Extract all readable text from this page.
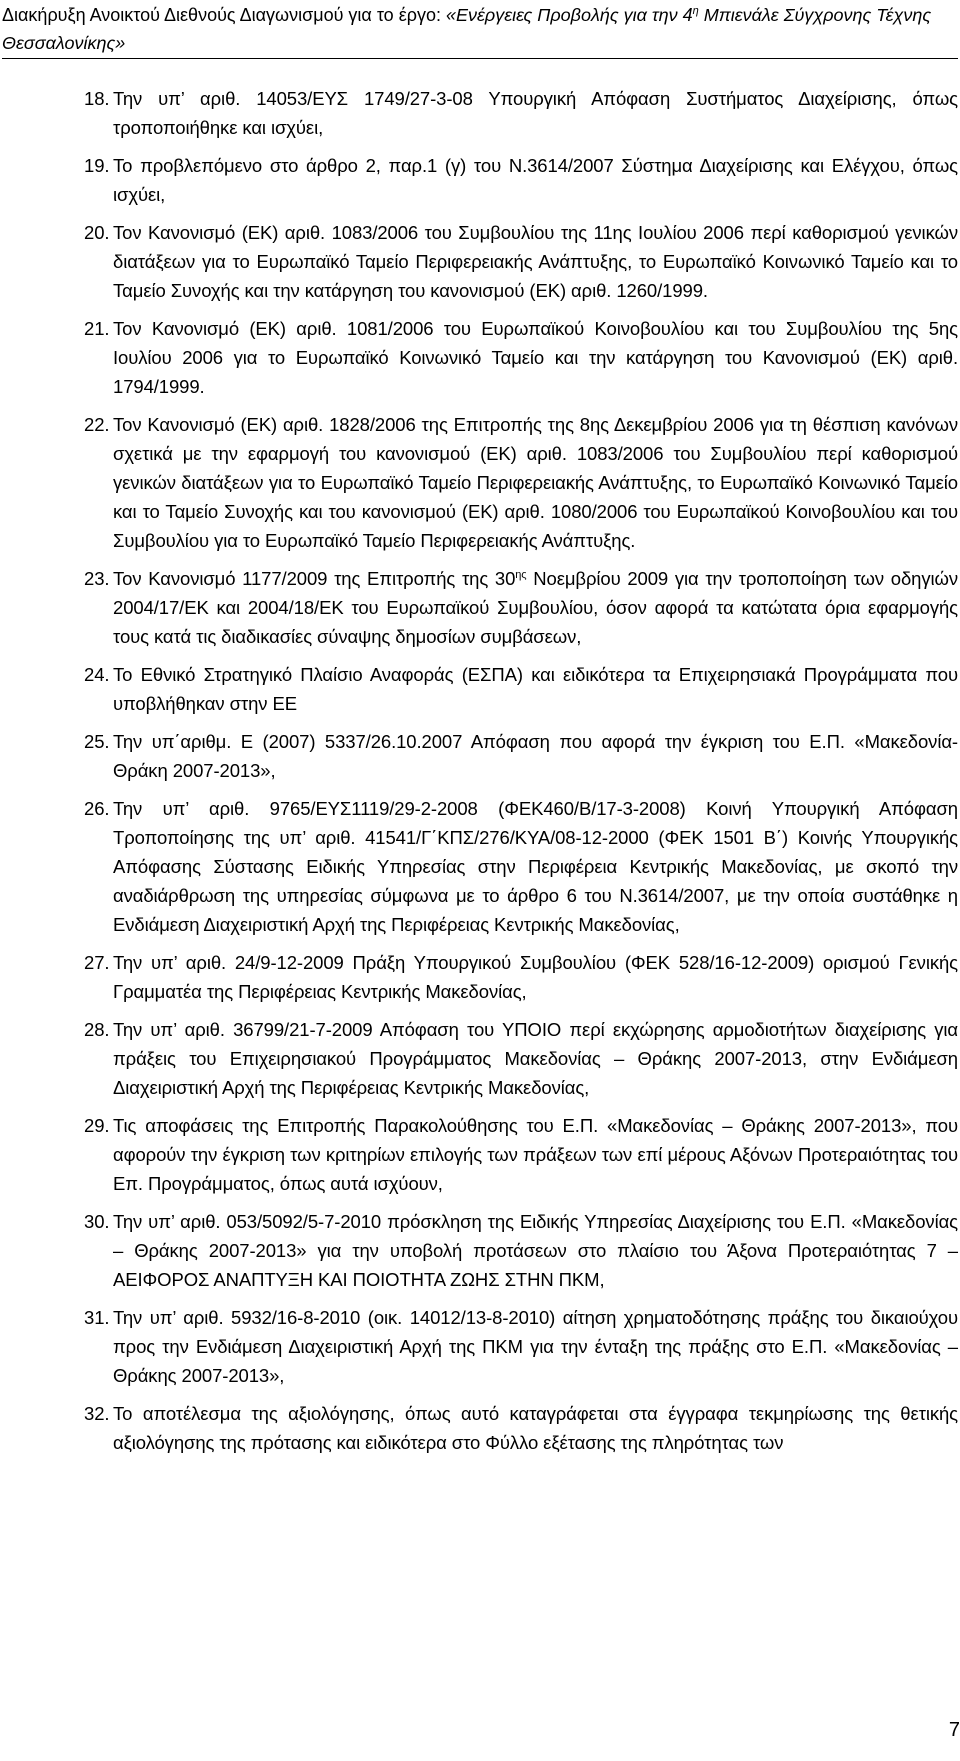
Διακήρυξη Ανοικτού Διεθνούς Διαγωνισμού για το έργο: «Ενέργειες Προβολής για την $4^\eta$ Μπιενάλε Σύγχρονης Τέχνης Θεσσαλονίκης»
18. Την υπ’ αριθ. 14053/ΕΥΣ 1749/27-3-08 Υπουργική Απόφαση Συστήματος Διαχείρισης, όπως τροποποιήθηκε και ισχύει,
19. Το προβλεπόμενο στο άρθρο 2, παρ.1 (γ) του Ν.3614/2007 Σύστημα Διαχείρισης και Ελέγχου, όπως ισχύει,
20. Τον Κανονισμό (ΕΚ) αριθ. 1083/2006 του Συμβουλίου της 11ης Ιουλίου 2006 περί καθορισμού γενικών διατάξεων για το Ευρωπαϊκό Ταμείο Περιφερειακής Ανάπτυξης, το Ευρωπαϊκό Κοινωνικό Ταμείο και το Ταμείο Συνοχής και την κατάργηση του κανονισμού (ΕΚ) αριθ. 1260/1999.
21. Τον Κανονισμό (ΕΚ) αριθ. 1081/2006 του Ευρωπαϊκού Κοινοβουλίου και του Συμβουλίου της 5ης Ιουλίου 2006 για το Ευρωπαϊκό Κοινωνικό Ταμείο και την κατάργηση του Κανονισμού (ΕΚ) αριθ. 1794/1999.
22. Τον Κανονισμό (ΕΚ) αριθ. 1828/2006 της Επιτροπής της 8ης Δεκεμβρίου 2006 για τη θέσπιση κανόνων σχετικά με την εφαρμογή του κανονισμού (ΕΚ) αριθ. 1083/2006 του Συμβουλίου περί καθορισμού γενικών διατάξεων για το Ευρωπαϊκό Ταμείο Περιφερειακής Ανάπτυξης, το Ευρωπαϊκό Κοινωνικό Ταμείο και το Ταμείο Συνοχής και του κανονισμού (ΕΚ) αριθ. 1080/2006 του Ευρωπαϊκού Κοινοβουλίου και του Συμβουλίου για το Ευρωπαϊκό Ταμείο Περιφερειακής Ανάπτυξης.
23. Τον Κανονισμό 1177/2009 της Επιτροπής της $30^{\eta\varsigma}$ Νοεμβρίου 2009 για την τροποποίηση των οδηγιών 2004/17/ΕΚ και 2004/18/ΕΚ του Ευρωπαϊκού Συμβουλίου, όσον αφορά τα κατώτατα όρια εφαρμογής τους κατά τις διαδικασίες σύναψης δημοσίων συμβάσεων,
24. Το Εθνικό Στρατηγικό Πλαίσιο Αναφοράς (ΕΣΠΑ) και ειδικότερα τα Επιχειρησιακά Προγράμματα που υποβλήθηκαν στην ΕΕ
25. Την υπ΄αριθμ. Ε (2007) 5337/26.10.2007 Απόφαση που αφορά την έγκριση του Ε.Π. «Μακεδονία-Θράκη 2007-2013»,
26. Την υπ’ αριθ. 9765/ΕΥΣ1119/29-2-2008 (ΦΕΚ460/Β/17-3-2008) Κοινή Υπουργική Απόφαση Τροποποίησης της υπ’ αριθ. 41541/Γ΄ΚΠΣ/276/ΚΥΑ/08-12-2000 (ΦΕΚ 1501 Β΄) Κοινής Υπουργικής Απόφασης Σύστασης Ειδικής Υπηρεσίας στην Περιφέρεια Κεντρικής Μακεδονίας, με σκοπό την αναδιάρθρωση της υπηρεσίας σύμφωνα με το άρθρο 6 του Ν.3614/2007, με την οποία συστάθηκε η Ενδιάμεση Διαχειριστική Αρχή της Περιφέρειας Κεντρικής Μακεδονίας,
27. Την υπ’ αριθ. 24/9-12-2009 Πράξη Υπουργικού Συμβουλίου (ΦΕΚ 528/16-12-2009) ορισμού Γενικής Γραμματέα της Περιφέρειας Κεντρικής Μακεδονίας,
28. Την υπ’ αριθ. 36799/21-7-2009 Απόφαση του ΥΠΟΙΟ περί εκχώρησης αρμοδιοτήτων διαχείρισης για πράξεις του Επιχειρησιακού Προγράμματος Μακεδονίας – Θράκης 2007-2013, στην Ενδιάμεση Διαχειριστική Αρχή της Περιφέρειας Κεντρικής Μακεδονίας,
29. Τις αποφάσεις της Επιτροπής Παρακολούθησης του Ε.Π. «Μακεδονίας – Θράκης 2007-2013», που αφορούν την έγκριση των κριτηρίων επιλογής των πράξεων των επί μέρους Αξόνων Προτεραιότητας του Επ. Προγράμματος, όπως αυτά ισχύουν,
30. Την υπ’ αριθ. 053/5092/5-7-2010 πρόσκληση της Ειδικής Υπηρεσίας Διαχείρισης του Ε.Π. «Μακεδονίας – Θράκης 2007-2013» για την υποβολή προτάσεων στο πλαίσιο του Άξονα Προτεραιότητας 7 – ΑΕΙΦΟΡΟΣ ΑΝΑΠΤΥΞΗ ΚΑΙ ΠΟΙΟΤΗΤΑ ΖΩΗΣ ΣΤΗΝ ΠΚΜ,
31. Την υπ’ αριθ. 5932/16-8-2010 (οικ. 14012/13-8-2010) αίτηση χρηματοδότησης πράξης του δικαιούχου προς την Ενδιάμεση Διαχειριστική Αρχή της ΠΚΜ για την ένταξη της πράξης στο Ε.Π. «Μακεδονίας – Θράκης 2007-2013»,
32. Το αποτέλεσμα της αξιολόγησης, όπως αυτό καταγράφεται στα έγγραφα τεκμηρίωσης της θετικής αξιολόγησης της πρότασης και ειδικότερα στο Φύλλο εξέτασης της πληρότητας των
7
